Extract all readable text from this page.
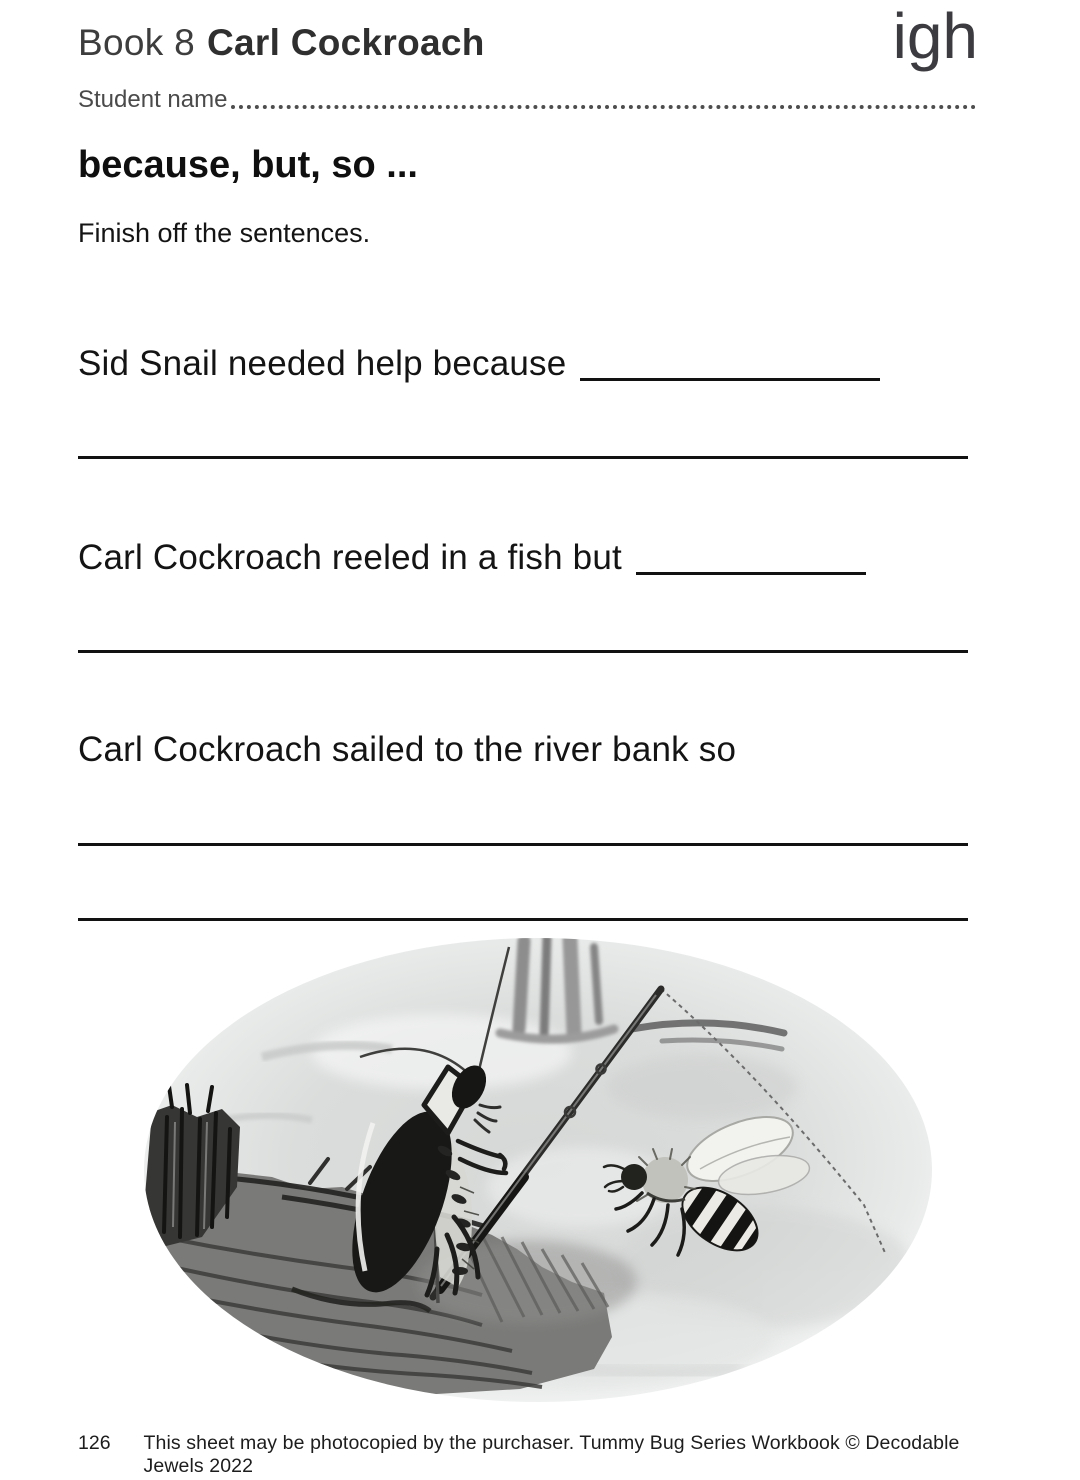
Book 8 Carl Cockroach	igh
Student name
because, but, so ...

Finish off the sentences.

Sid Snail needed help because

Carl Cockroach reeled in a fish but

Carl Cockroach sailed to the river bank so

126 This sheet may be photocopied by the purchaser. Tummy Bug Series Workbook © Decodable Jewels 2022
